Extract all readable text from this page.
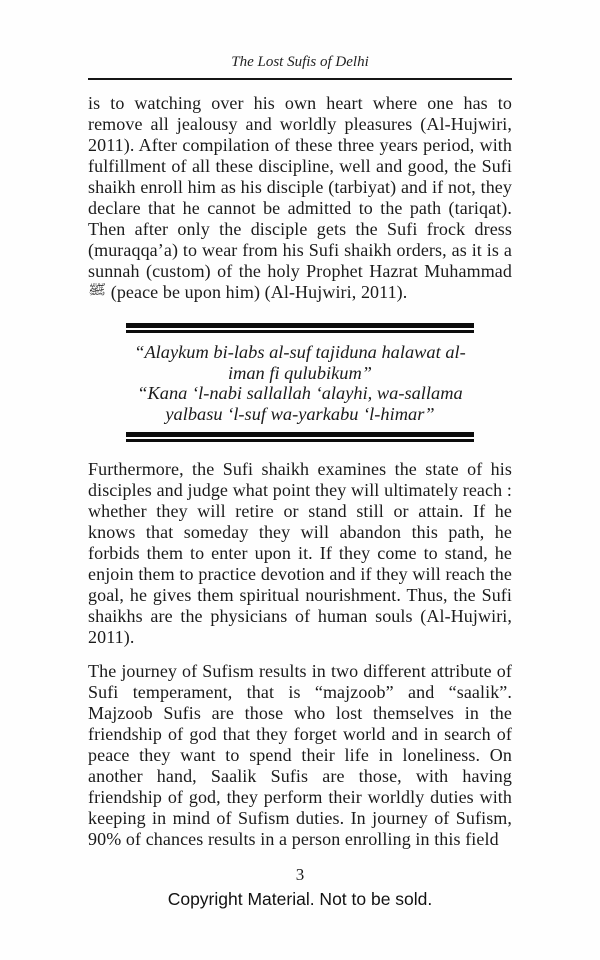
The Lost Sufis of Delhi

is to watching over his own heart where one has to remove all jealousy and worldly pleasures (Al-Hujwiri, 2011). After compilation of these three years period, with fulfillment of all these discipline, well and good, the Sufi shaikh enroll him as his disciple (tarbiyat) and if not, they declare that he cannot be admitted to the path (tariqat). Then after only the disciple gets the Sufi frock dress (muraqqa’a) to wear from his Sufi shaikh orders, as it is a sunnah (custom) of the holy Prophet Hazrat Muhammad ﷺ (peace be upon him) (Al-Hujwiri, 2011).

“Alaykum bi-labs al-suf tajiduna halawat al-
iman fi qulubikum”
“Kana ‘l-nabi sallallah ‘alayhi, wa-sallama
yalbasu ‘l-suf wa-yarkabu ‘l-himar”

Furthermore, the Sufi shaikh examines the state of his disciples and judge what point they will ultimately reach : whether they will retire or stand still or attain. If he knows that someday they will abandon this path, he forbids them to enter upon it. If they come to stand, he enjoin them to practice devotion and if they will reach the goal, he gives them spiritual nourishment. Thus, the Sufi shaikhs are the physicians of human souls (Al-Hujwiri, 2011).

The journey of Sufism results in two different attribute of Sufi temperament, that is “majzoob” and “saalik”. Majzoob Sufis are those who lost themselves in the friendship of god that they forget world and in search of peace they want to spend their life in loneliness. On another hand, Saalik Sufis are those, with having friendship of god, they perform their worldly duties with keeping in mind of Sufism duties. In journey of Sufism, 90% of chances results in a person enrolling in this field

3
Copyright Material. Not to be sold.
